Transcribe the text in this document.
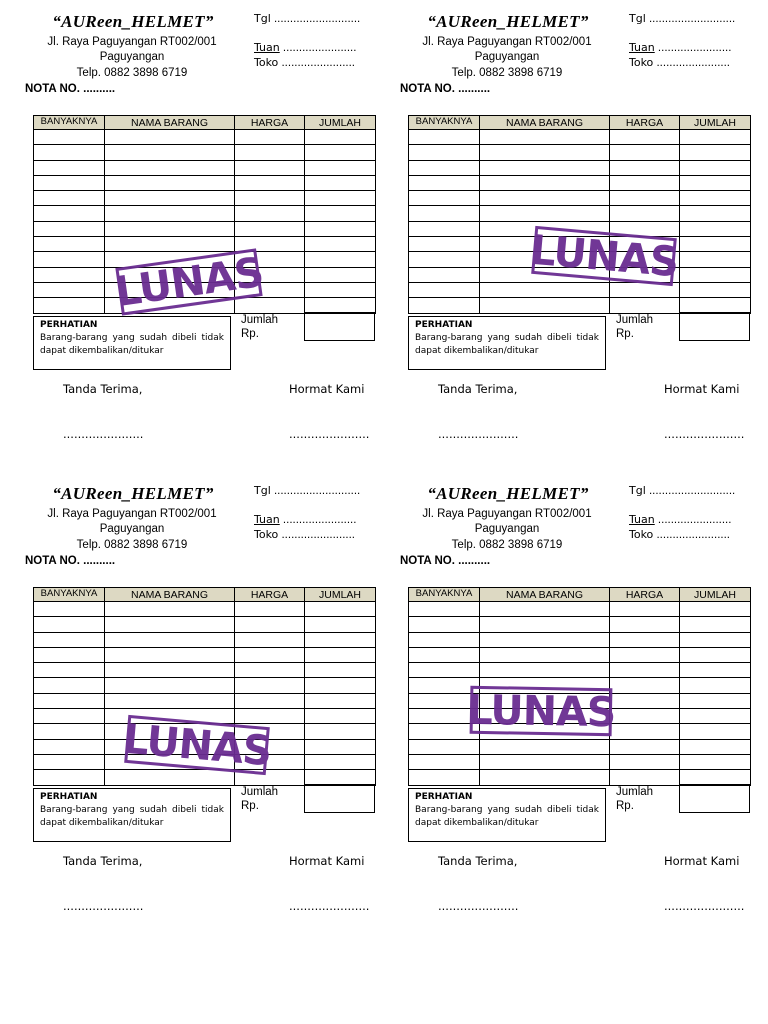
“AUReen_HELMET”
Jl. Raya Paguyangan RT002/001
Paguyangan
Telp. 0882 3898 6719
NOTA NO. ..........
Tgl ...........................
Tuan .......................
Toko .......................
BANYAKNYA	NAMA BARANG	HARGA	JUMLAH

PERHATIAN
Barang-barang yang sudah dibeli tidak dapat dikembalikan/ditukar
Jumlah
Rp.
Tanda Terima,	Hormat Kami
......................	......................
LUNAS
“AUReen_HELMET”
Jl. Raya Paguyangan RT002/001
Paguyangan
Telp. 0882 3898 6719
NOTA NO. ..........
Tgl ...........................
Tuan .......................
Toko .......................
BANYAKNYA	NAMA BARANG	HARGA	JUMLAH

PERHATIAN
Barang-barang yang sudah dibeli tidak dapat dikembalikan/ditukar
Jumlah
Rp.
Tanda Terima,	Hormat Kami
......................	......................
LUNAS
“AUReen_HELMET”
Jl. Raya Paguyangan RT002/001
Paguyangan
Telp. 0882 3898 6719
NOTA NO. ..........
Tgl ...........................
Tuan .......................
Toko .......................
BANYAKNYA	NAMA BARANG	HARGA	JUMLAH

PERHATIAN
Barang-barang yang sudah dibeli tidak dapat dikembalikan/ditukar
Jumlah
Rp.
Tanda Terima,	Hormat Kami
......................	......................
LUNAS
“AUReen_HELMET”
Jl. Raya Paguyangan RT002/001
Paguyangan
Telp. 0882 3898 6719
NOTA NO. ..........
Tgl ...........................
Tuan .......................
Toko .......................
BANYAKNYA	NAMA BARANG	HARGA	JUMLAH

PERHATIAN
Barang-barang yang sudah dibeli tidak dapat dikembalikan/ditukar
Jumlah
Rp.
Tanda Terima,	Hormat Kami
......................	......................
LUNAS
